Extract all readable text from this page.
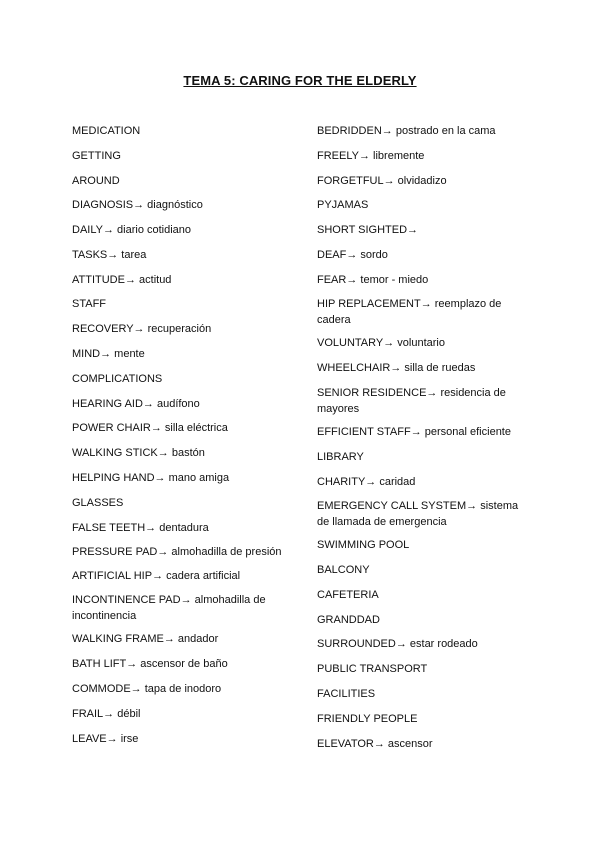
TEMA 5: CARING FOR THE ELDERLY
MEDICATION
GETTING
AROUND
DIAGNOSIS→ diagnóstico
DAILY→ diario cotidiano
TASKS→ tarea
ATTITUDE→ actitud
STAFF
RECOVERY→ recuperación
MIND→ mente
COMPLICATIONS
HEARING AID→ audífono
POWER CHAIR→ silla eléctrica
WALKING STICK→ bastón
HELPING HAND→ mano amiga
GLASSES
FALSE TEETH→ dentadura
PRESSURE PAD→ almohadilla de presión
ARTIFICIAL HIP→ cadera artificial
INCONTINENCE PAD→ almohadilla de incontinencia
WALKING FRAME→ andador
BATH LIFT→ ascensor de baño
COMMODE→ tapa de inodoro
FRAIL→ débil
LEAVE→ irse
BEDRIDDEN→ postrado en la cama
FREELY→ libremente
FORGETFUL→ olvidadizo
PYJAMAS
SHORT SIGHTED→
DEAF→ sordo
FEAR→ temor - miedo
HIP REPLACEMENT→ reemplazo de cadera
VOLUNTARY→ voluntario
WHEELCHAIR→ silla de ruedas
SENIOR RESIDENCE→ residencia de mayores
EFFICIENT STAFF→ personal eficiente
LIBRARY
CHARITY→ caridad
EMERGENCY CALL SYSTEM→ sistema de llamada de emergencia
SWIMMING POOL
BALCONY
CAFETERIA
GRANDDAD
SURROUNDED→ estar rodeado
PUBLIC TRANSPORT
FACILITIES
FRIENDLY PEOPLE
ELEVATOR→ ascensor
